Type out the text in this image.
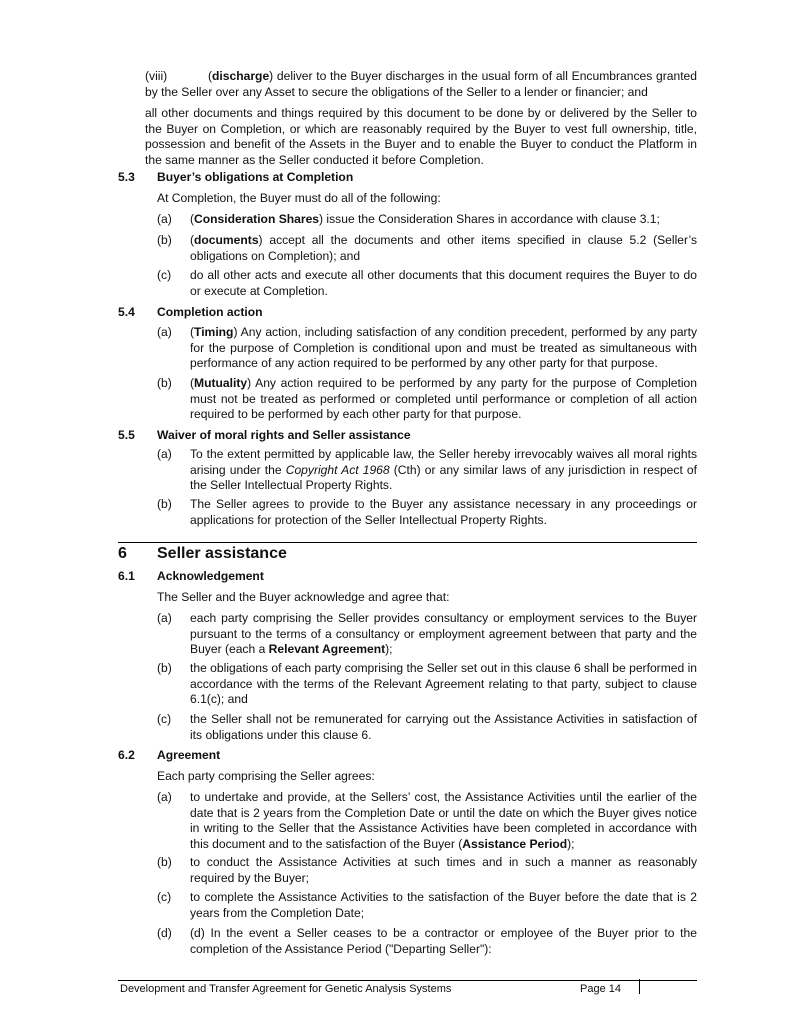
(viii)	(discharge) deliver to the Buyer discharges in the usual form of all Encumbrances granted by the Seller over any Asset to secure the obligations of the Seller to a lender or financier; and
all other documents and things required by this document to be done by or delivered by the Seller to the Buyer on Completion, or which are reasonably required by the Buyer to vest full ownership, title, possession and benefit of the Assets in the Buyer and to enable the Buyer to conduct the Platform in the same manner as the Seller conducted it before Completion.
5.3 Buyer’s obligations at Completion
At Completion, the Buyer must do all of the following:
(a) (Consideration Shares) issue the Consideration Shares in accordance with clause 3.1;
(b) (documents) accept all the documents and other items specified in clause 5.2 (Seller’s obligations on Completion); and
(c) do all other acts and execute all other documents that this document requires the Buyer to do or execute at Completion.
5.4 Completion action
(a) (Timing) Any action, including satisfaction of any condition precedent, performed by any party for the purpose of Completion is conditional upon and must be treated as simultaneous with performance of any action required to be performed by any other party for that purpose.
(b) (Mutuality) Any action required to be performed by any party for the purpose of Completion must not be treated as performed or completed until performance or completion of all action required to be performed by each other party for that purpose.
5.5 Waiver of moral rights and Seller assistance
(a) To the extent permitted by applicable law, the Seller hereby irrevocably waives all moral rights arising under the Copyright Act 1968 (Cth) or any similar laws of any jurisdiction in respect of the Seller Intellectual Property Rights.
(b) The Seller agrees to provide to the Buyer any assistance necessary in any proceedings or applications for protection of the Seller Intellectual Property Rights.
6 Seller assistance
6.1 Acknowledgement
The Seller and the Buyer acknowledge and agree that:
(a) each party comprising the Seller provides consultancy or employment services to the Buyer pursuant to the terms of a consultancy or employment agreement between that party and the Buyer (each a Relevant Agreement);
(b) the obligations of each party comprising the Seller set out in this clause 6 shall be performed in accordance with the terms of the Relevant Agreement relating to that party, subject to clause 6.1(c); and
(c) the Seller shall not be remunerated for carrying out the Assistance Activities in satisfaction of its obligations under this clause 6.
6.2 Agreement
Each party comprising the Seller agrees:
(a) to undertake and provide, at the Sellers’ cost, the Assistance Activities until the earlier of the date that is 2 years from the Completion Date or until the date on which the Buyer gives notice in writing to the Seller that the Assistance Activities have been completed in accordance with this document and to the satisfaction of the Buyer (Assistance Period);
(b) to conduct the Assistance Activities at such times and in such a manner as reasonably required by the Buyer;
(c) to complete the Assistance Activities to the satisfaction of the Buyer before the date that is 2 years from the Completion Date;
(d) (d) In the event a Seller ceases to be a contractor or employee of the Buyer prior to the completion of the Assistance Period ("Departing Seller"):
Development and Transfer Agreement for Genetic Analysis Systems	Page 14
